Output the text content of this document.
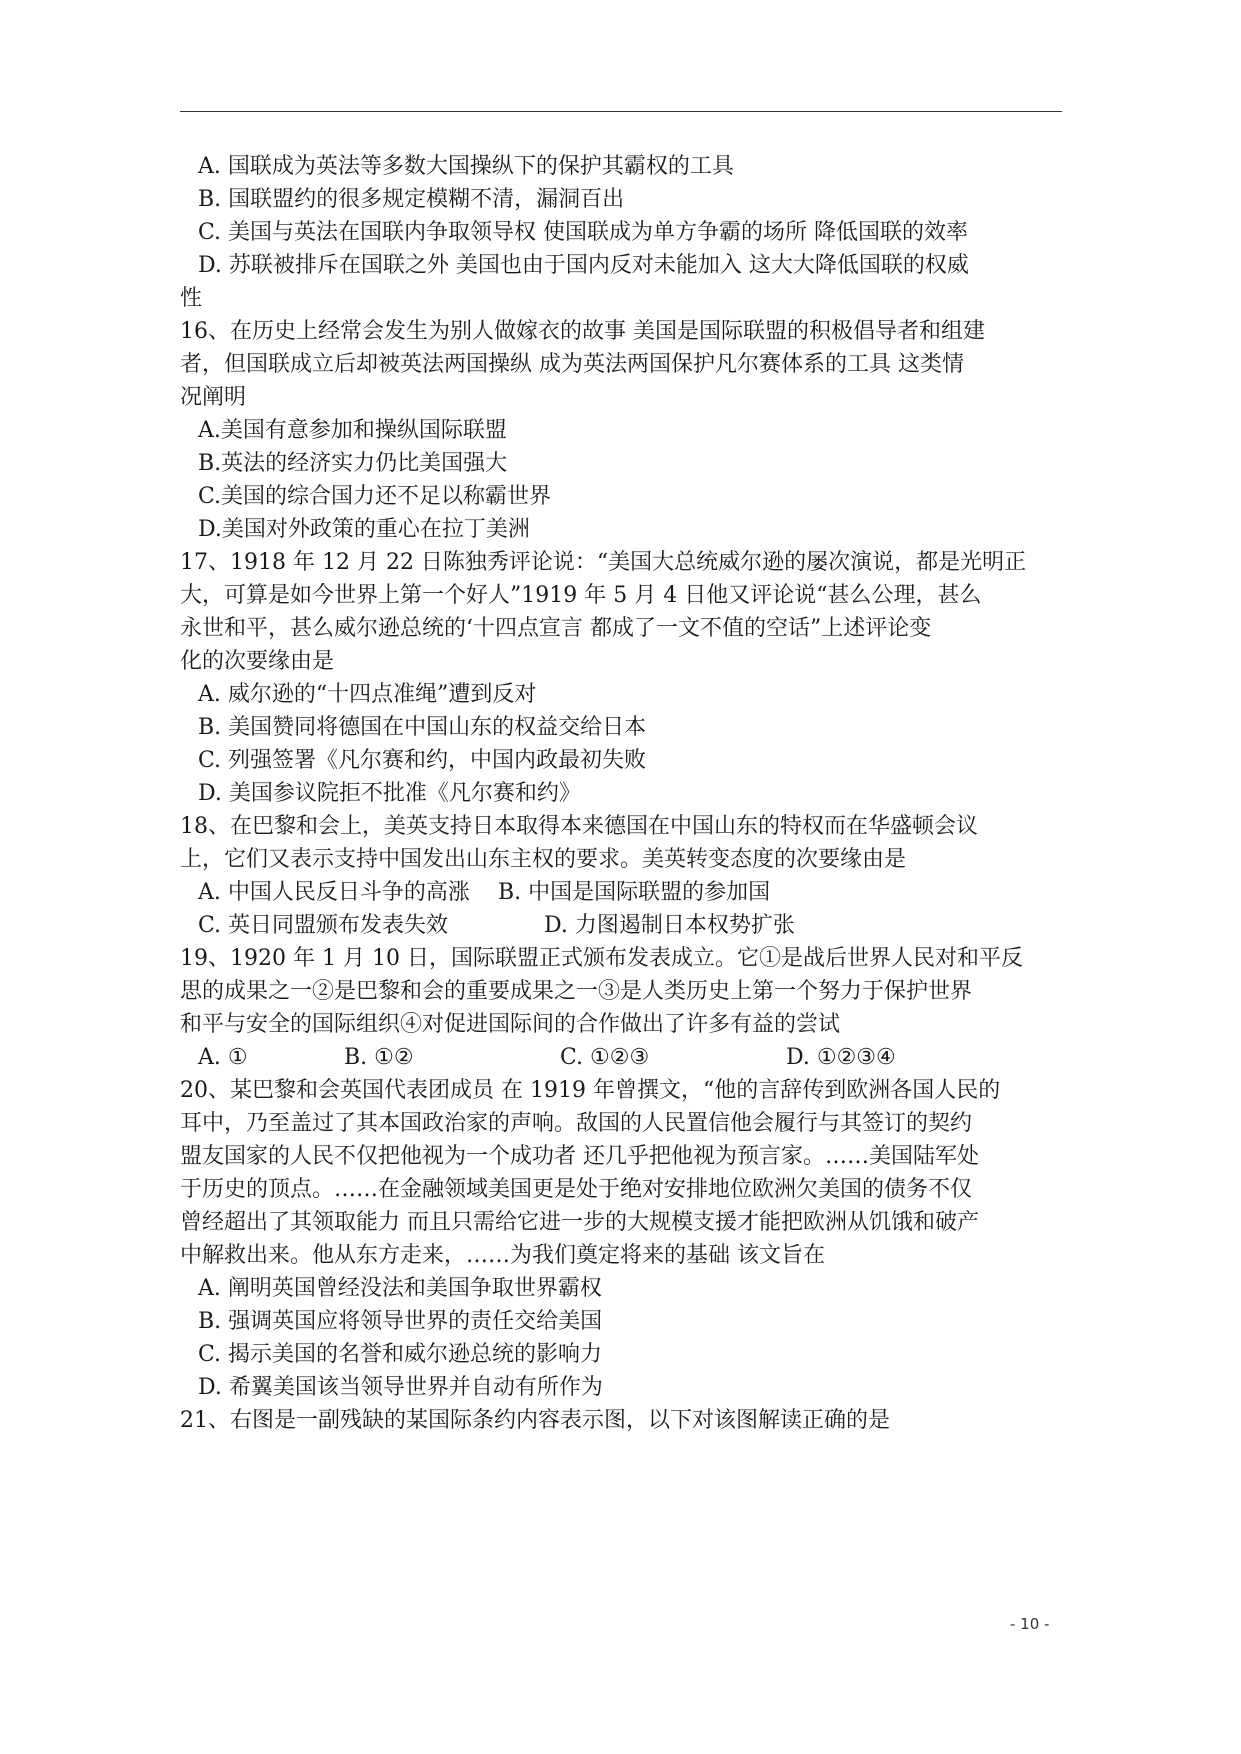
A. 国联成为英法等多数大国操纵下的保护其霸权的工具
B. 国联盟约的很多规定模糊不清，漏洞百出
C. 美国与英法在国联内争取领导权 使国联成为单方争霸的场所 降低国联的效率
D. 苏联被排斥在国联之外 美国也由于国内反对未能加入 这大大降低国联的权威
性
16、在历史上经常会发生为别人做嫁衣的故事 美国是国际联盟的积极倡导者和组建
者，但国联成立后却被英法两国操纵 成为英法两国保护凡尔赛体系的工具 这类情
况阐明
A.美国有意参加和操纵国际联盟
B.英法的经济实力仍比美国强大
C.美国的综合国力还不足以称霸世界
D.美国对外政策的重心在拉丁美洲
17、1918 年 12 月 22 日陈独秀评论说：“美国大总统威尔逊的屡次演说，都是光明正
大，可算是如今世界上第一个好人”1919 年 5 月 4 日他又评论说“甚么公理，甚么
永世和平，甚么威尔逊总统的‘十四点宣言 都成了一文不值的空话”上述评论变
化的次要缘由是
A. 威尔逊的“十四点准绳”遭到反对
B. 美国赞同将德国在中国山东的权益交给日本
C. 列强签署《凡尔赛和约，中国内政最初失败
D. 美国参议院拒不批准《凡尔赛和约》
18、在巴黎和会上，美英支持日本取得本来德国在中国山东的特权而在华盛顿会议
上，它们又表示支持中国发出山东主权的要求。美英转变态度的次要缘由是
A. 中国人民反日斗争的高涨 B. 中国是国际联盟的参加国
C. 英日同盟颁布发表失效	D. 力图遏制日本权势扩张
19、1920 年 1 月 10 日，国际联盟正式颁布发表成立。它①是战后世界人民对和平反
思的成果之一②是巴黎和会的重要成果之一③是人类历史上第一个努力于保护世界
和平与安全的国际组织④对促进国际间的合作做出了许多有益的尝试
A. ①	B. ①②	C. ①②③	D. ①②③④
20、某巴黎和会英国代表团成员 在 1919 年曾撰文，“他的言辞传到欧洲各国人民的
耳中，乃至盖过了其本国政治家的声响。敌国的人民置信他会履行与其签订的契约
盟友国家的人民不仅把他视为一个成功者 还几乎把他视为预言家。……美国陆军处
于历史的顶点。……在金融领域美国更是处于绝对安排地位欧洲欠美国的债务不仅
曾经超出了其领取能力 而且只需给它进一步的大规模支援才能把欧洲从饥饿和破产
中解救出来。他从东方走来，……为我们奠定将来的基础 该文旨在
A. 阐明英国曾经没法和美国争取世界霸权
B. 强调英国应将领导世界的责任交给美国
C. 揭示美国的名誉和威尔逊总统的影响力
D. 希翼美国该当领导世界并自动有所作为
21、右图是一副残缺的某国际条约内容表示图，以下对该图解读正确的是
- 10 -
